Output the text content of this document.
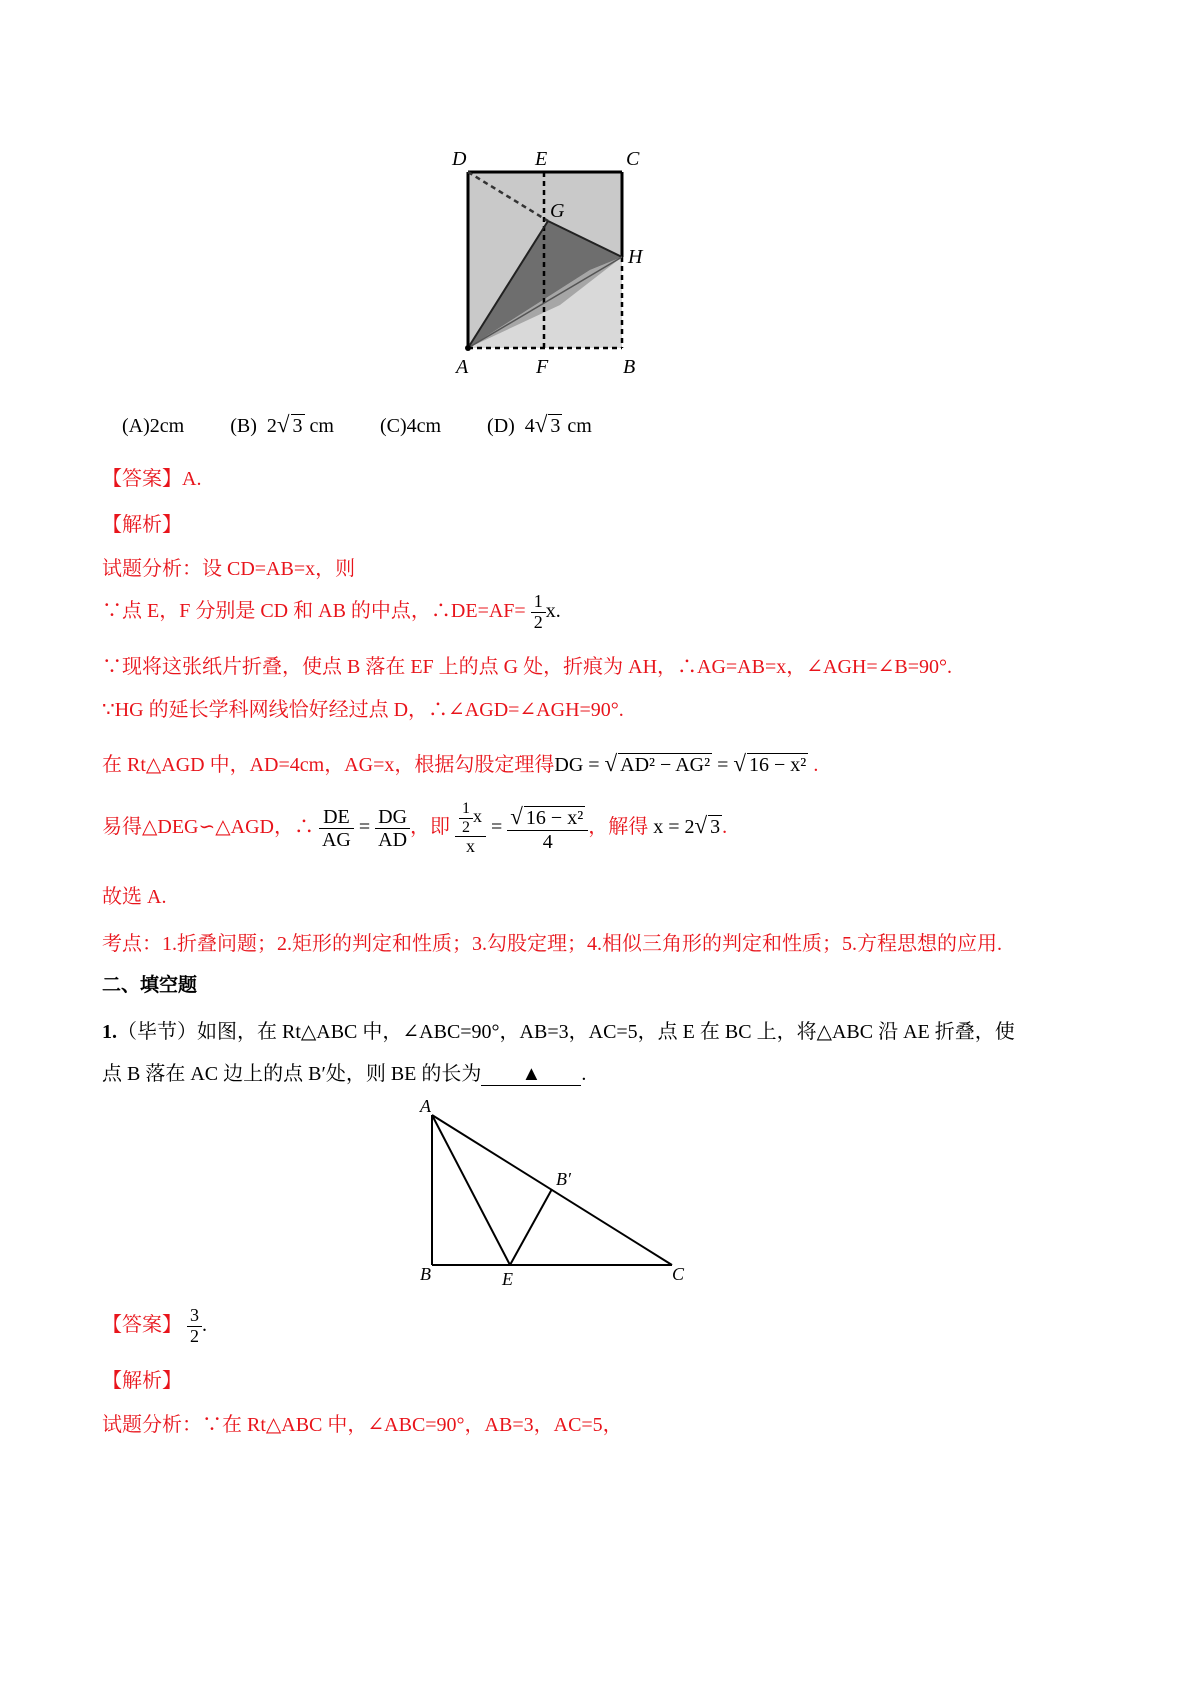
D	E	C
G
H
A	F	B
(A)2cm (B) 2√ 3 cm (C)4cm (D) 4√ 3 cm
【答案】A.
【解析】
试题分析：设 CD=AB=x，则
∵点 E，F 分别是 CD 和 AB 的中点，∴DE=AF= $\frac{1}{2} x$.
∵现将这张纸片折叠，使点 B 落在 EF 上的点 G 处，折痕为 AH，∴AG=AB=x，∠AGH=∠B=90°.
∵HG 的延长学科网线恰好经过点 D，∴∠AGD=∠AGH=90°.
在 Rt△AGD 中，AD=4cm，AG=x，根据勾股定理得DG = √ AD² − AG² = √ 16 − x² .
易得△DEG∽△AGD，∴ $\frac{DE}{AG} = \frac{DG}{AD}$ ，即 $\frac{\frac{1}{2} x}{x} = \frac{\text{√ 16 − x²}}{4}$ ，解得 x = 2√ 3 .
故选 A.
考点：1.折叠问题；2.矩形的判定和性质；3.勾股定理；4.相似三角形的判定和性质；5.方程思想的应用.
二、填空题
1.（毕节）如图，在 Rt△ABC 中，∠ABC=90°，AB=3，AC=5，点 E 在 BC 上，将△ABC 沿 AE 折叠，使
点 B 落在 AC 边上的点 B′处，则 BE 的长为 ▲ .
A
B	E	C
B′
【答案】 $\frac{3}{2}$ .
【解析】
试题分析：∵在 Rt△ABC 中，∠ABC=90°，AB=3，AC=5，
